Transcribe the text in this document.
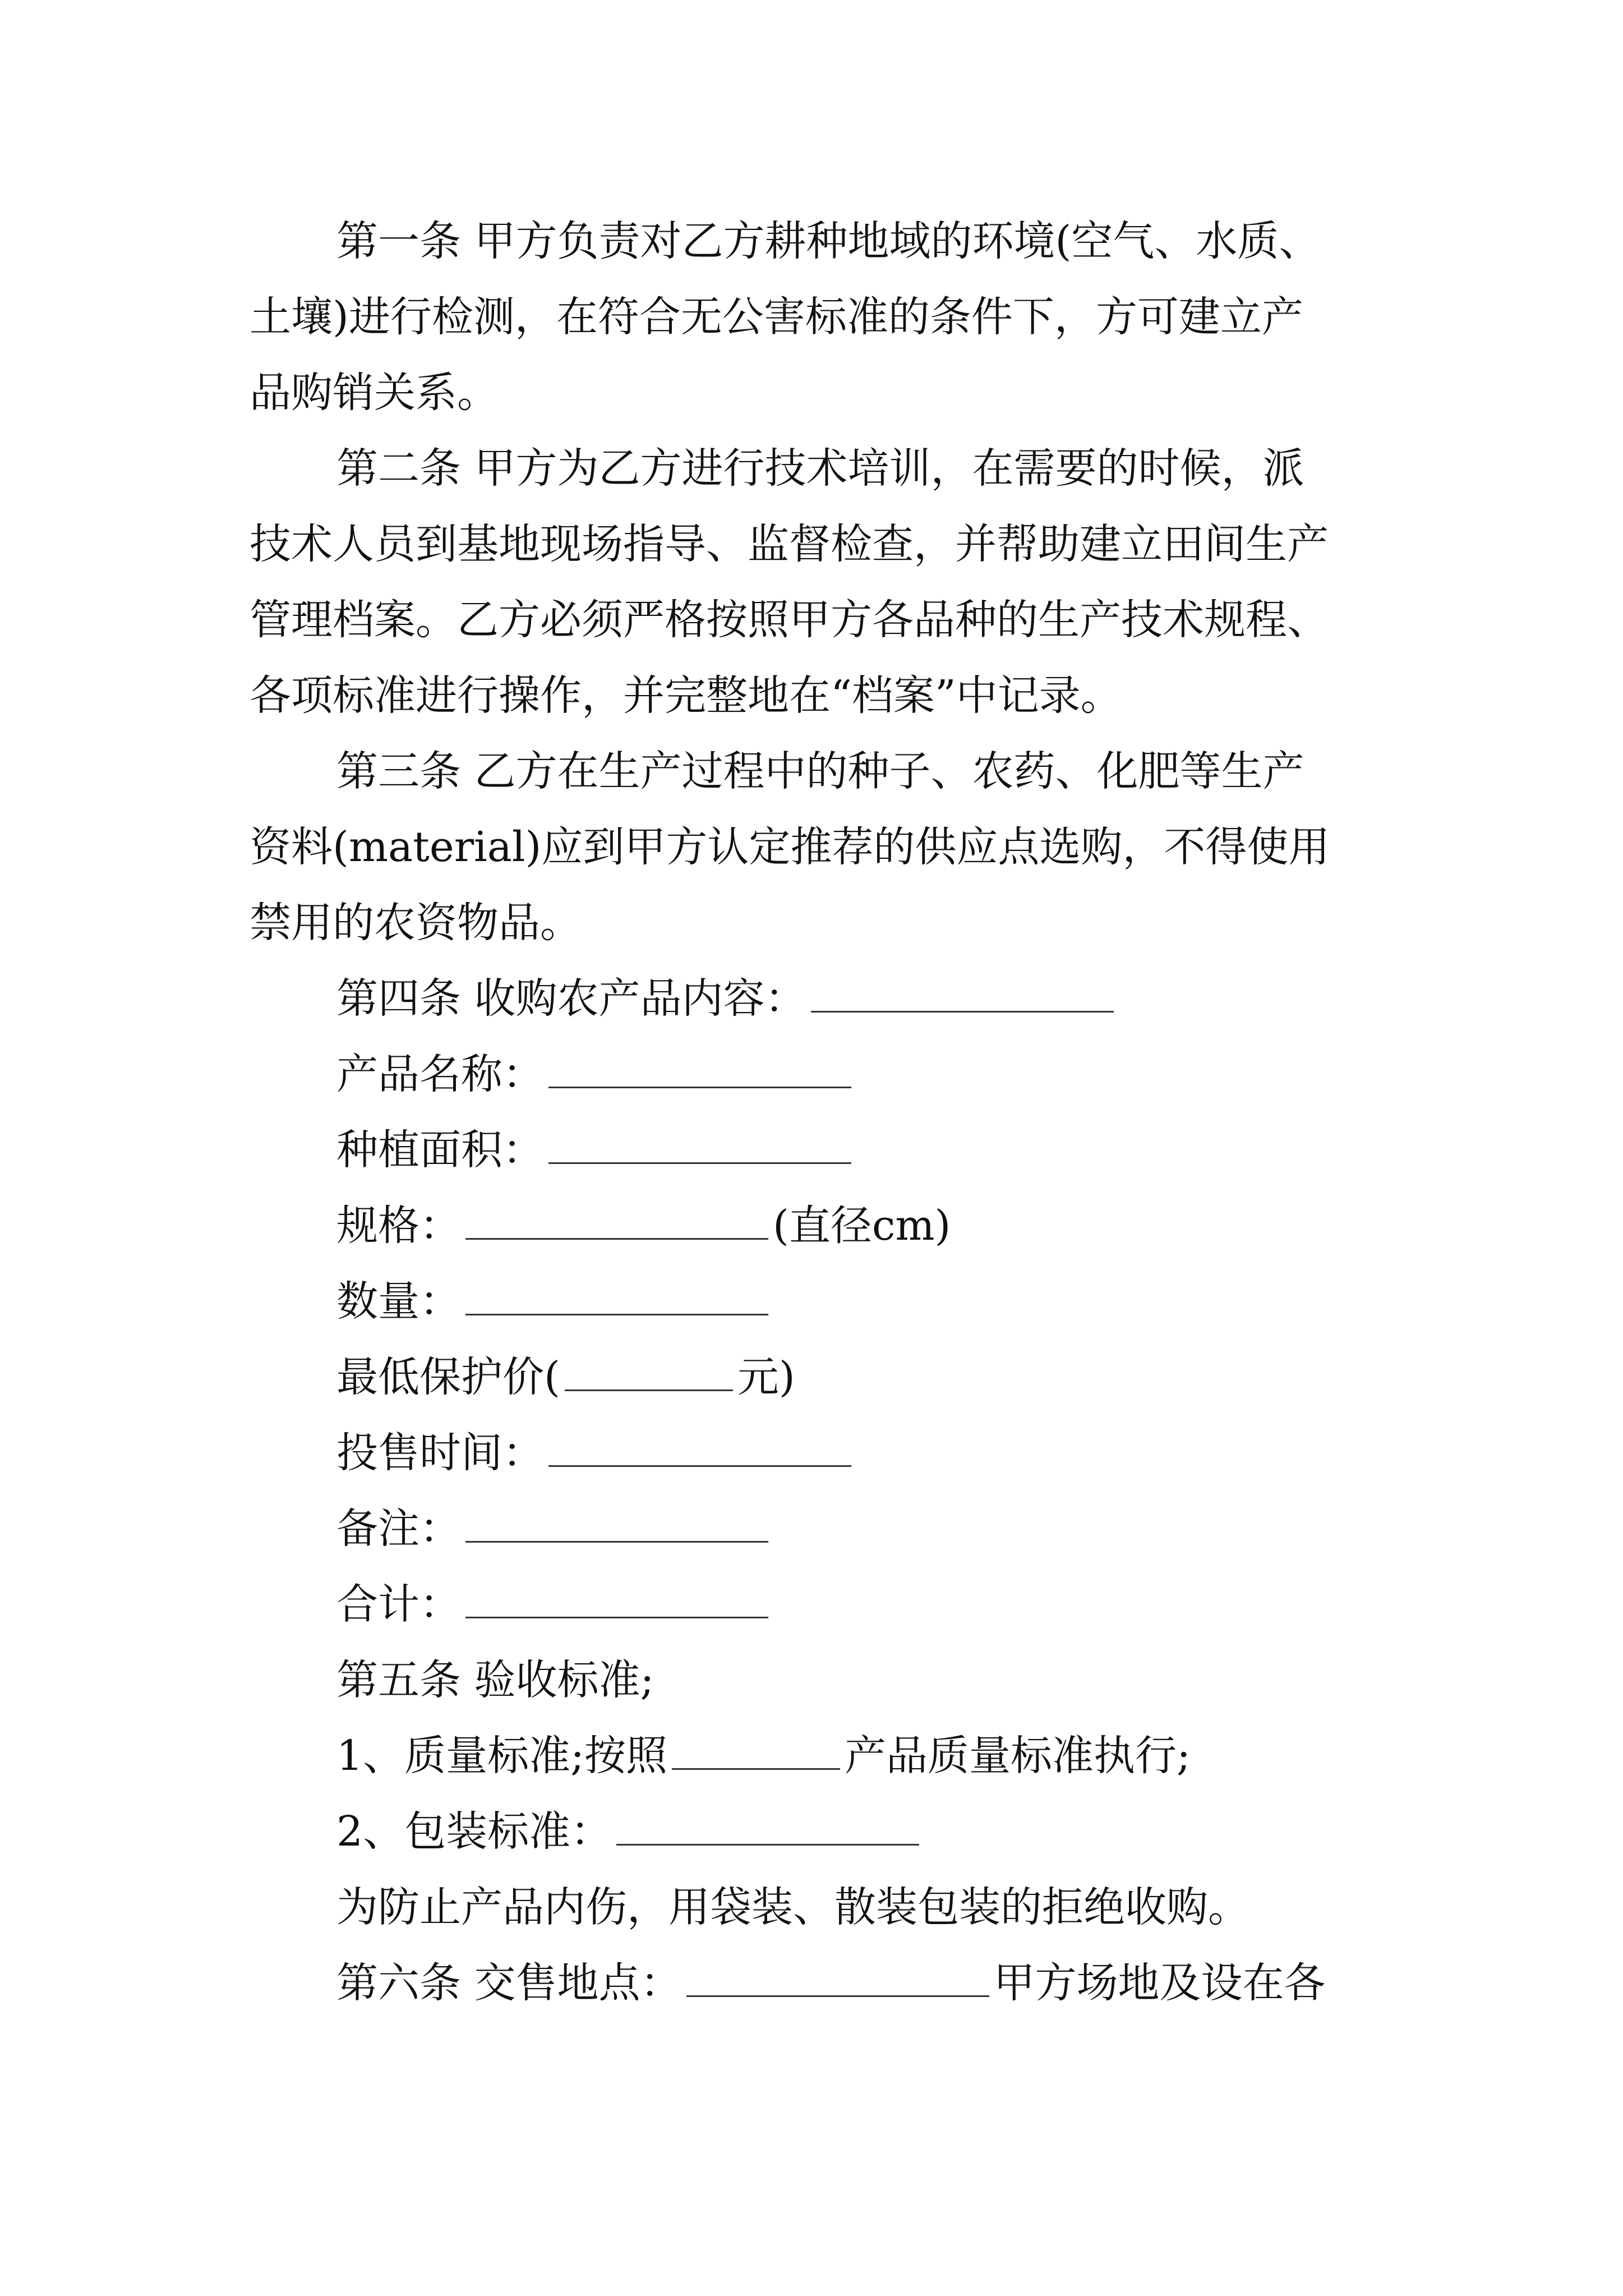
第一条 甲方负责对乙方耕种地域的环境(空气、水质、
土壤)进行检测，在符合无公害标准的条件下，方可建立产
品购销关系。
第二条 甲方为乙方进行技术培训，在需要的时候，派
技术人员到基地现场指导、监督检查，并帮助建立田间生产
管理档案。乙方必须严格按照甲方各品种的生产技术规程、
各项标准进行操作，并完整地在“档案”中记录。
第三条 乙方在生产过程中的种子、农药、化肥等生产
资料(material)应到甲方认定推荐的供应点选购，不得使用
禁用的农资物品。
第四条 收购农产品内容：
产品名称：
种植面积：
规格：	(直径cm)
数量：
最低保护价(	元)
投售时间：
备注：
合计：
第五条 验收标准;
1、质量标准;按照	产品质量标准执行;
2、包装标准：
为防止产品内伤，用袋装、散装包装的拒绝收购。
第六条 交售地点：	甲方场地及设在各
